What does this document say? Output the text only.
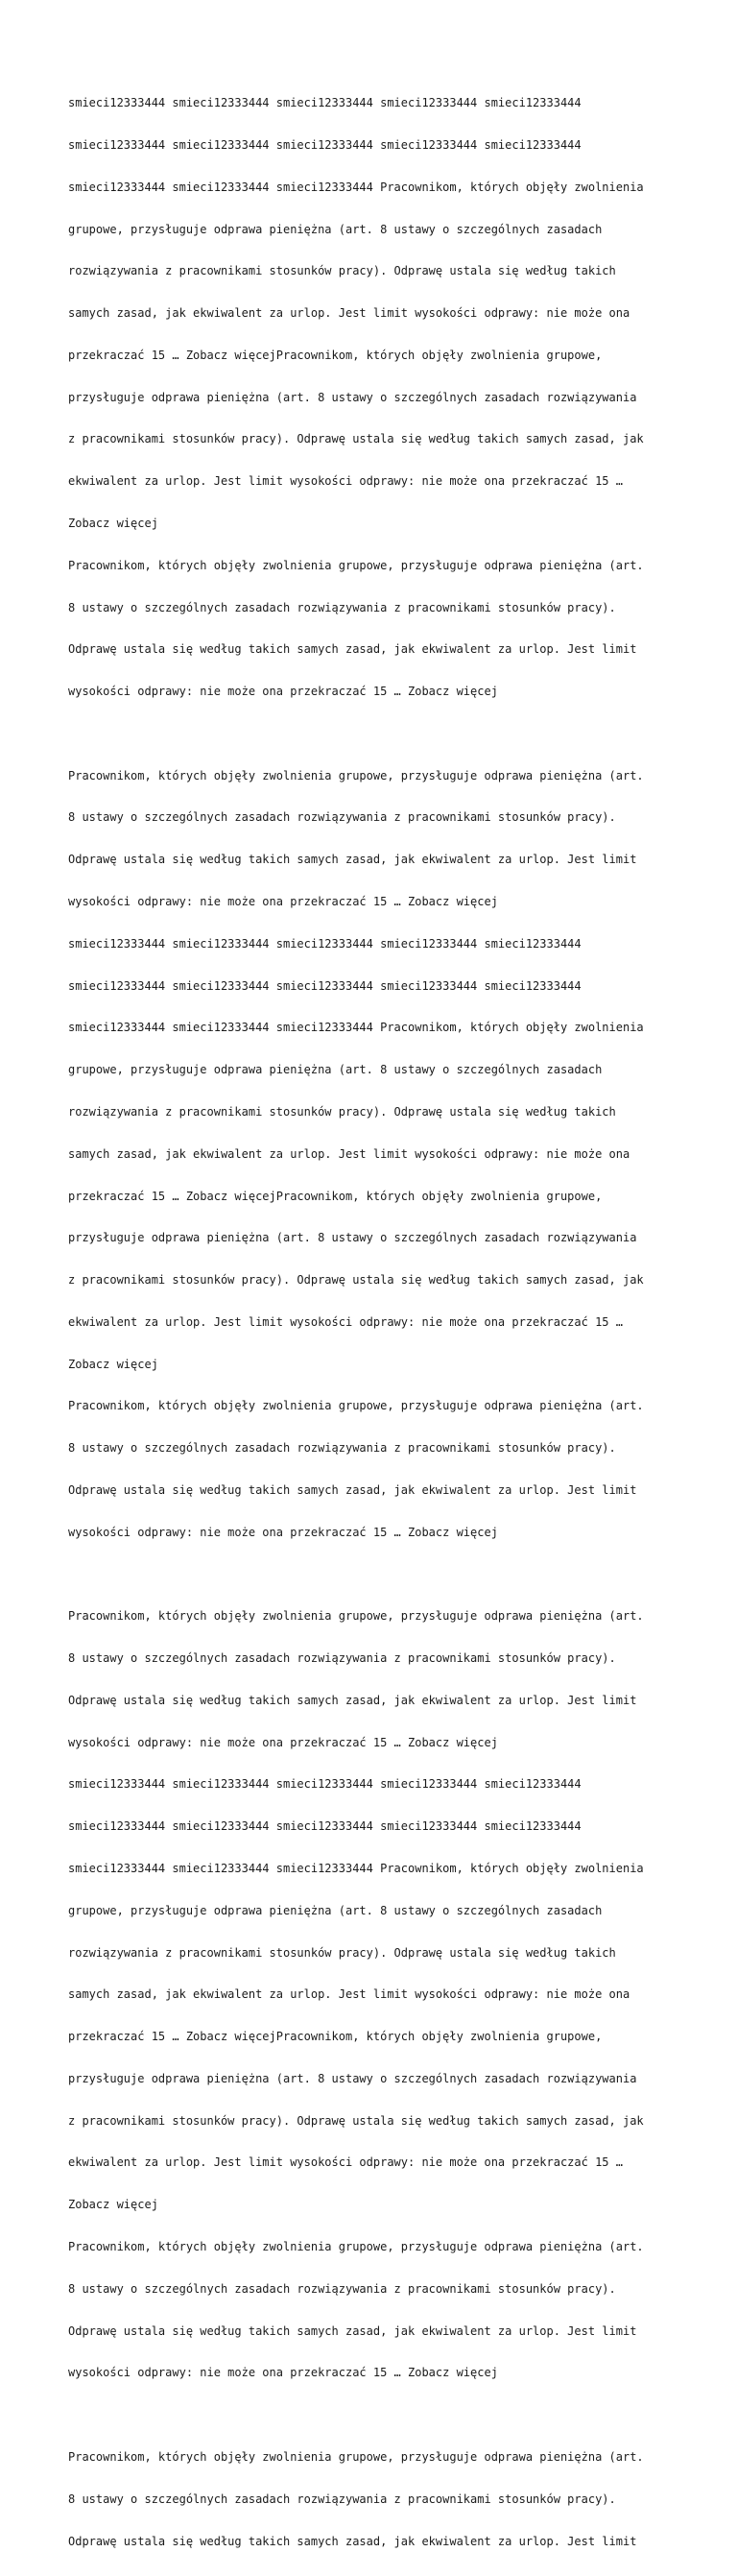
smieci12333444 smieci12333444 smieci12333444 smieci12333444 smieci12333444

smieci12333444 smieci12333444 smieci12333444 smieci12333444 smieci12333444

smieci12333444 smieci12333444 smieci12333444 Pracownikom, których objęły zwolnienia

grupowe, przysługuje odprawa pieniężna (art. 8 ustawy o szczególnych zasadach

rozwiązywania z pracownikami stosunków pracy). Odprawę ustala się według takich

samych zasad, jak ekwiwalent za urlop. Jest limit wysokości odprawy: nie może ona

przekraczać 15 … Zobacz więcejPracownikom, których objęły zwolnienia grupowe,

przysługuje odprawa pieniężna (art. 8 ustawy o szczególnych zasadach rozwiązywania

z pracownikami stosunków pracy). Odprawę ustala się według takich samych zasad, jak

ekwiwalent za urlop. Jest limit wysokości odprawy: nie może ona przekraczać 15 …

Zobacz więcej

Pracownikom, których objęły zwolnienia grupowe, przysługuje odprawa pieniężna (art.

8 ustawy o szczególnych zasadach rozwiązywania z pracownikami stosunków pracy).

Odprawę ustala się według takich samych zasad, jak ekwiwalent za urlop. Jest limit

wysokości odprawy: nie może ona przekraczać 15 … Zobacz więcej

Pracownikom, których objęły zwolnienia grupowe, przysługuje odprawa pieniężna (art.

8 ustawy o szczególnych zasadach rozwiązywania z pracownikami stosunków pracy).

Odprawę ustala się według takich samych zasad, jak ekwiwalent za urlop. Jest limit

wysokości odprawy: nie może ona przekraczać 15 … Zobacz więcej

smieci12333444 smieci12333444 smieci12333444 smieci12333444 smieci12333444

smieci12333444 smieci12333444 smieci12333444 smieci12333444 smieci12333444

smieci12333444 smieci12333444 smieci12333444 Pracownikom, których objęły zwolnienia

grupowe, przysługuje odprawa pieniężna (art. 8 ustawy o szczególnych zasadach

rozwiązywania z pracownikami stosunków pracy). Odprawę ustala się według takich

samych zasad, jak ekwiwalent za urlop. Jest limit wysokości odprawy: nie może ona

przekraczać 15 … Zobacz więcejPracownikom, których objęły zwolnienia grupowe,

przysługuje odprawa pieniężna (art. 8 ustawy o szczególnych zasadach rozwiązywania

z pracownikami stosunków pracy). Odprawę ustala się według takich samych zasad, jak

ekwiwalent za urlop. Jest limit wysokości odprawy: nie może ona przekraczać 15 …

Zobacz więcej

Pracownikom, których objęły zwolnienia grupowe, przysługuje odprawa pieniężna (art.

8 ustawy o szczególnych zasadach rozwiązywania z pracownikami stosunków pracy).

Odprawę ustala się według takich samych zasad, jak ekwiwalent za urlop. Jest limit

wysokości odprawy: nie może ona przekraczać 15 … Zobacz więcej

Pracownikom, których objęły zwolnienia grupowe, przysługuje odprawa pieniężna (art.

8 ustawy o szczególnych zasadach rozwiązywania z pracownikami stosunków pracy).

Odprawę ustala się według takich samych zasad, jak ekwiwalent za urlop. Jest limit

wysokości odprawy: nie może ona przekraczać 15 … Zobacz więcej

smieci12333444 smieci12333444 smieci12333444 smieci12333444 smieci12333444

smieci12333444 smieci12333444 smieci12333444 smieci12333444 smieci12333444

smieci12333444 smieci12333444 smieci12333444 Pracownikom, których objęły zwolnienia

grupowe, przysługuje odprawa pieniężna (art. 8 ustawy o szczególnych zasadach

rozwiązywania z pracownikami stosunków pracy). Odprawę ustala się według takich

samych zasad, jak ekwiwalent za urlop. Jest limit wysokości odprawy: nie może ona

przekraczać 15 … Zobacz więcejPracownikom, których objęły zwolnienia grupowe,

przysługuje odprawa pieniężna (art. 8 ustawy o szczególnych zasadach rozwiązywania

z pracownikami stosunków pracy). Odprawę ustala się według takich samych zasad, jak

ekwiwalent za urlop. Jest limit wysokości odprawy: nie może ona przekraczać 15 …

Zobacz więcej

Pracownikom, których objęły zwolnienia grupowe, przysługuje odprawa pieniężna (art.

8 ustawy o szczególnych zasadach rozwiązywania z pracownikami stosunków pracy).

Odprawę ustala się według takich samych zasad, jak ekwiwalent za urlop. Jest limit

wysokości odprawy: nie może ona przekraczać 15 … Zobacz więcej

Pracownikom, których objęły zwolnienia grupowe, przysługuje odprawa pieniężna (art.

8 ustawy o szczególnych zasadach rozwiązywania z pracownikami stosunków pracy).

Odprawę ustala się według takich samych zasad, jak ekwiwalent za urlop. Jest limit
